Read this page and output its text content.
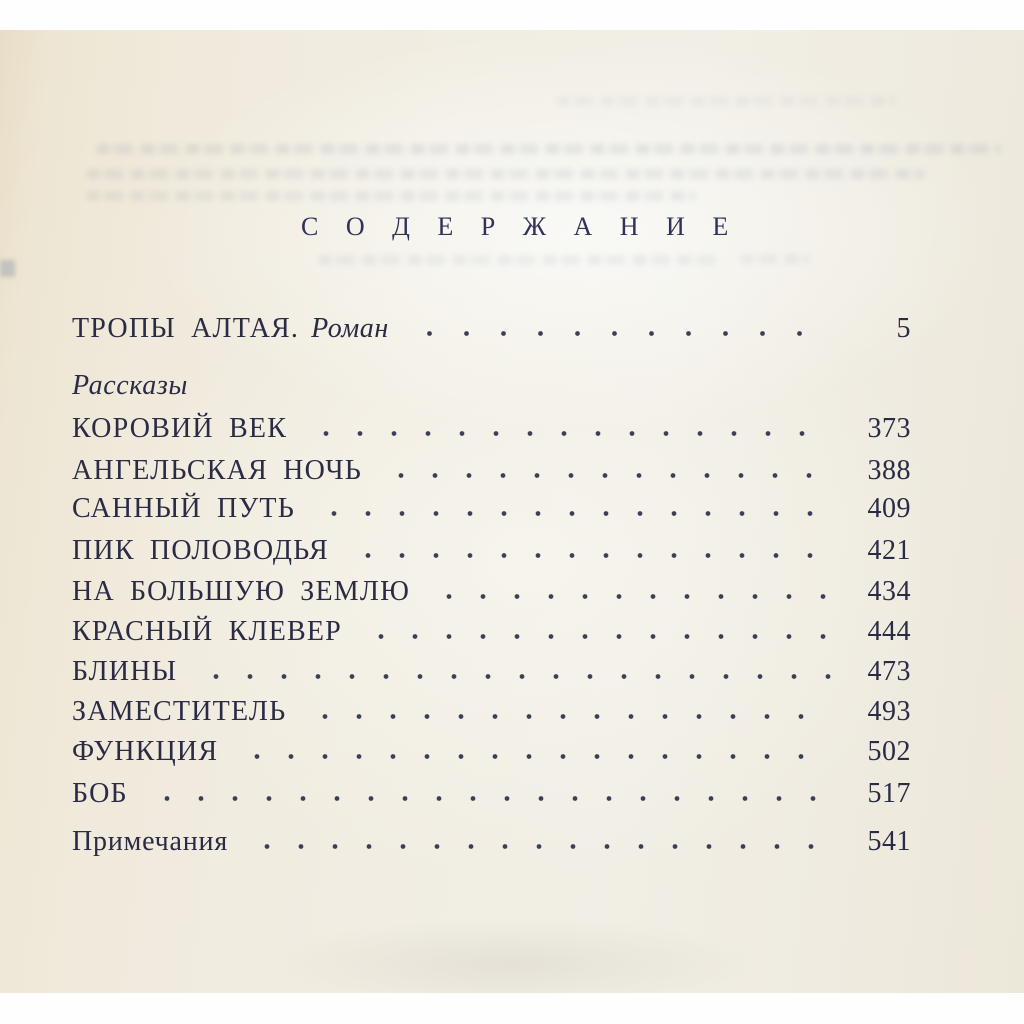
С О Д Е Р Ж А Н И Е
ТРОПЫ АЛТАЯ. Роман	5
Рассказы
КОРОВИЙ ВЕК	373
АНГЕЛЬСКАЯ НОЧЬ	388
САННЫЙ ПУТЬ	409
ПИК ПОЛОВОДЬЯ	421
НА БОЛЬШУЮ ЗЕМЛЮ	434
КРАСНЫЙ КЛЕВЕР	444
БЛИНЫ	473
ЗАМЕСТИТЕЛЬ	493
ФУНКЦИЯ	502
БОБ	517
Примечания	541
